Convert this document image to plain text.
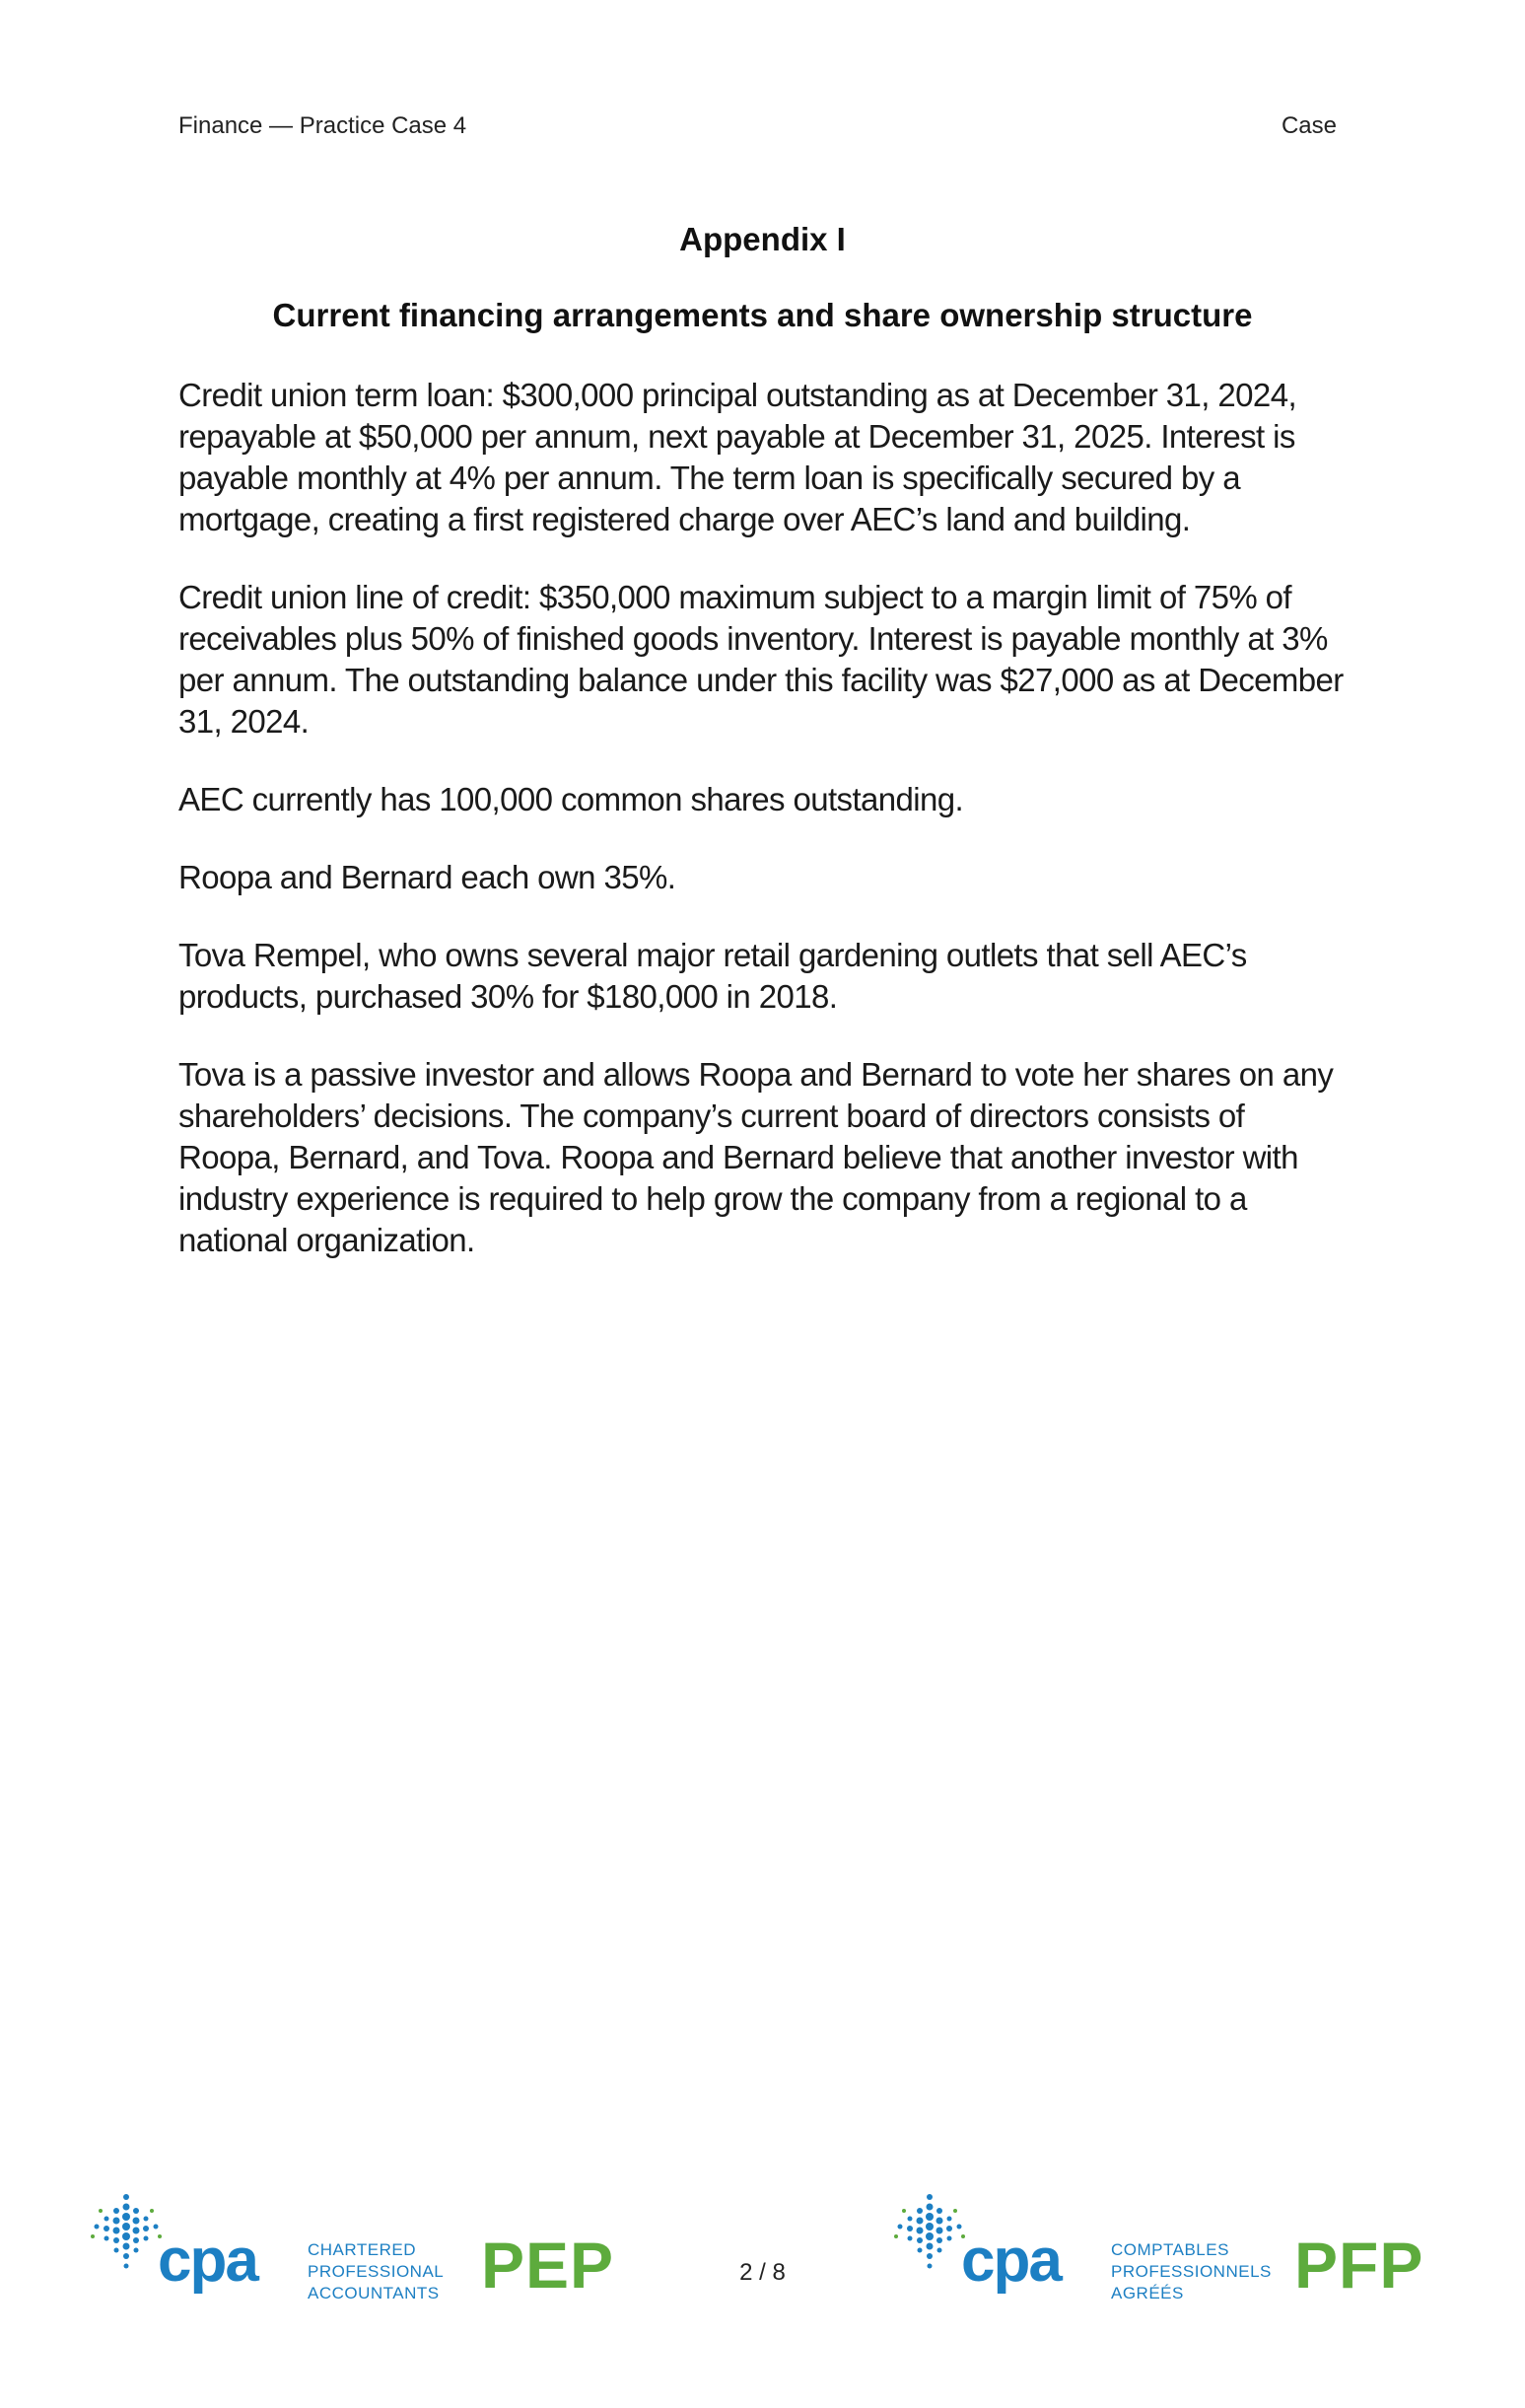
Finance — Practice Case 4	Case
Appendix I
Current financing arrangements and share ownership structure

Credit union term loan: $300,000 principal outstanding as at December 31, 2024, repayable at $50,000 per annum, next payable at December 31, 2025. Interest is payable monthly at 4% per annum. The term loan is specifically secured by a mortgage, creating a first registered charge over AEC’s land and building.

Credit union line of credit: $350,000 maximum subject to a margin limit of 75% of receivables plus 50% of finished goods inventory. Interest is payable monthly at 3% per annum. The outstanding balance under this facility was $27,000 as at December 31, 2024.

AEC currently has 100,000 common shares outstanding.

Roopa and Bernard each own 35%.

Tova Rempel, who owns several major retail gardening outlets that sell AEC’s products, purchased 30% for $180,000 in 2018.

Tova is a passive investor and allows Roopa and Bernard to vote her shares on any shareholders’ decisions. The company’s current board of directors consists of Roopa, Bernard, and Tova. Roopa and Bernard believe that another investor with industry experience is required to help grow the company from a regional to a national organization.

cpa	CHARTERED
PROFESSIONAL
ACCOUNTANTS PEP	cpa	COMPTABLES
PROFESSIONNELS
AGRÉÉS PFP
2 / 8
